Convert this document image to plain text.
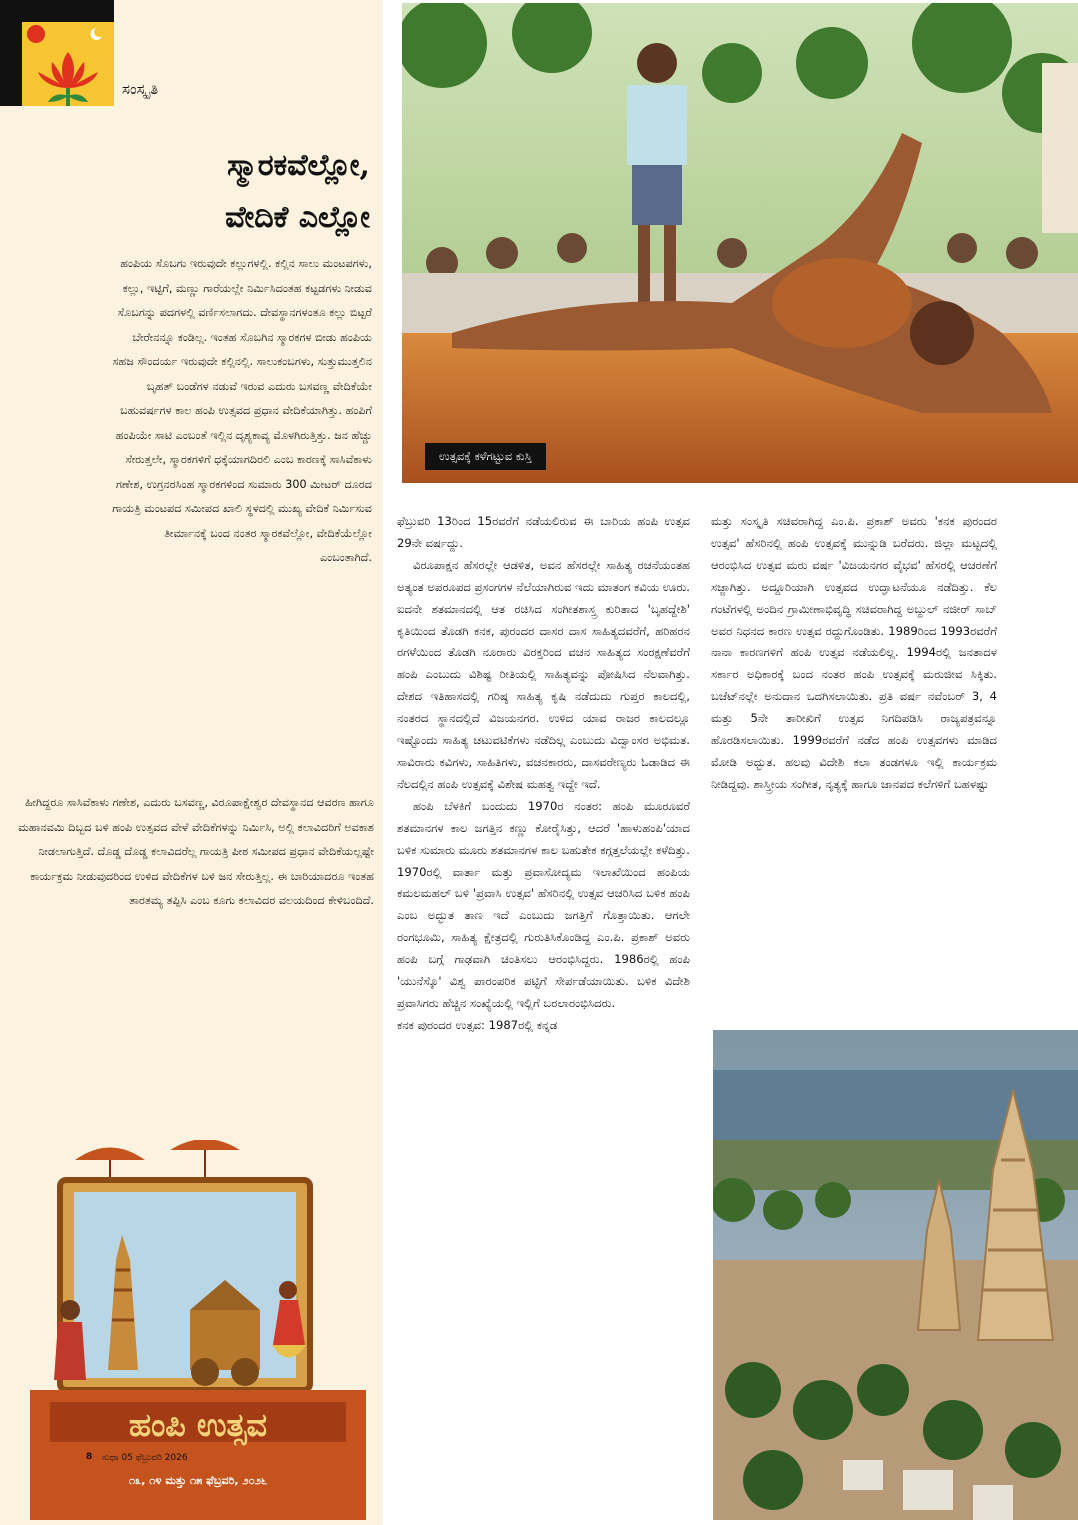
ಸಂಸ್ಕೃತಿ
ಸ್ಮಾರಕವೆಲ್ಲೋ,
ವೇದಿಕೆ ಎಲ್ಲೋ

ಹಂಪಿಯ ಸೊಬಗು ಇರುವುದೇ ಕಲ್ಲುಗಳಲ್ಲಿ. ಕಲ್ಲಿನ ಸಾಲು ಮಂಟಪಗಳು, ಕಲ್ಲು, ಇಟ್ಟಿಗೆ, ಮಣ್ಣು ಗಾರೆಯಲ್ಲೇ ನಿರ್ಮಿಸಿದಂತಹ ಕಟ್ಟಡಗಳು ನೀಡುವ ಸೊಬಗನ್ನು ಪದಗಳಲ್ಲಿ ವರ್ಣಿಸಲಾಗದು. ದೇವಸ್ಥಾನಗಳಂತೂ ಕಲ್ಲು ಬಿಟ್ಟರೆ ಬೇರೇನನ್ನೂ ಕಂಡಿಲ್ಲ. ಇಂತಹ ಸೊಬಗಿನ ಸ್ಮಾರಕಗಳ ಬೀಡು ಹಂಪಿಯ ಸಹಜ ಸೌಂದರ್ಯ ಇರುವುದೇ ಕಲ್ಲಿನಲ್ಲಿ. ಸಾಲುಕಂಬಗಳು, ಸುತ್ತುಮುತ್ತಲಿನ ಬೃಹತ್ ಬಂಡೆಗಳ ನಡುವೆ ಇರುವ ಎದುರು ಬಸವಣ್ಣ ವೇದಿಕೆಯೇ ಬಹುವರ್ಷಗಳ ಕಾಲ ಹಂಪಿ ಉತ್ಸವದ ಪ್ರಧಾನ ವೇದಿಕೆಯಾಗಿತ್ತು. ಹಂಪಿಗೆ ಹಂಪಿಯೇ ಸಾಟಿ ಎಂಬಂತೆ ಇಲ್ಲಿನ ದೃಶ್ಯಕಾವ್ಯ ಮೊಳಗಿರುತ್ತಿತ್ತು. ಜನ ಹೆಚ್ಚು ಸೇರುತ್ತಲೇ, ಸ್ಮಾರಕಗಳಿಗೆ ಧಕ್ಕೆಯಾಗದಿರಲಿ ಎಂಬ ಕಾರಣಕ್ಕೆ ಸಾಸಿವೆಕಾಳು ಗಣೇಶ, ಉಗ್ರನರಸಿಂಹ ಸ್ಮಾರಕಗಳಿಂದ ಸುಮಾರು 300 ಮೀಟರ್ ದೂರದ ಗಾಯತ್ರಿ ಮಂಟಪದ ಸಮೀಪದ ಖಾಲಿ ಸ್ಥಳದಲ್ಲಿ ಮುಖ್ಯ ವೇದಿಕೆ ನಿರ್ಮಿಸುವ ತೀರ್ಮಾನಕ್ಕೆ ಬಂದ ನಂತರ ಸ್ಮಾರಕವೆಲ್ಲೋ, ವೇದಿಕೆಯೆಲ್ಲೋ ಎಂಬಂತಾಗಿದೆ.

ಹೀಗಿದ್ದರೂ ಸಾಸಿವೆಕಾಳು ಗಣೇಶ, ಎದುರು ಬಸವಣ್ಣ, ವಿರೂಪಾಕ್ಷೇಶ್ವರ ದೇವಸ್ಥಾನದ ಆವರಣ ಹಾಗೂ ಮಹಾನವಮಿ ದಿಬ್ಬದ ಬಳಿ ಹಂಪಿ ಉತ್ಸವದ ವೇಳೆ ವೇದಿಕೆಗಳನ್ನು ನಿರ್ಮಿಸಿ, ಅಲ್ಲಿ ಕಲಾವಿದರಿಗೆ ಅವಕಾಶ ನೀಡಲಾಗುತ್ತಿದೆ. ದೊಡ್ಡ ದೊಡ್ಡ ಕಲಾವಿದರೆಲ್ಲ ಗಾಯತ್ರಿ ಪೀಠ ಸಮೀಪದ ಪ್ರಧಾನ ವೇದಿಕೆಯಲ್ಲಷ್ಟೇ ಕಾರ್ಯಕ್ರಮ ನೀಡುವುದರಿಂದ ಉಳಿದ ವೇದಿಕೆಗಳ ಬಳಿ ಜನ ಸೇರುತ್ತಿಲ್ಲ. ಈ ಬಾರಿಯಾದರೂ ಇಂತಹ ತಾರತಮ್ಯ ತಪ್ಪಿಸಿ ಎಂಬ ಕೂಗು ಕಲಾವಿದರ ವಲಯದಿಂದ ಕೇಳಿಬಂದಿದೆ.

ಹಂಪಿ ಉತ್ಸವ
8 ಸುಧಾ 05 ಫೆಬ್ರುವರಿ 2026
೧೩, ೧೪ ಮತ್ತು ೧೫ ಫೆಬ್ರವರಿ, ೨೦೨೬
ಉತ್ಸವಕ್ಕೆ ಕಳೆಗಟ್ಟುವ ಕುಸ್ತಿ

ಫೆಬ್ರುವರಿ 13ರಿಂದ 15ರವರೆಗೆ ನಡೆಯಲಿರುವ ಈ ಬಾರಿಯ ಹಂಪಿ ಉತ್ಸವ 29ನೇ ವರ್ಷದ್ದು.

ವಿರೂಪಾಕ್ಷನ ಹೆಸರಲ್ಲೇ ಆಡಳಿತ, ಅವನ ಹೆಸರಲ್ಲೇ ಸಾಹಿತ್ಯ ರಚನೆಯಂತಹ ಅತ್ಯಂತ ಅಪರೂಪದ ಪ್ರಸಂಗಗಳ ನೆಲೆಯಾಗಿರುವ ಇದು ಮಾತಂಗ ಕವಿಯ ಊರು. ಐದನೇ ಶತಮಾನದಲ್ಲಿ ಆತ ರಚಿಸಿದ ಸಂಗೀತಶಾಸ್ತ್ರ ಕುರಿತಾದ 'ಬೃಹದ್ದೇಶಿ' ಕೃತಿಯಿಂದ ತೊಡಗಿ ಕನಕ, ಪುರಂದರ ದಾಸರ ದಾಸ ಸಾಹಿತ್ಯದವರೆಗೆ, ಹರಿಹರನ ರಗಳೆಯಿಂದ ತೊಡಗಿ ನೂರಾರು ವಿರಕ್ತರಿಂದ ವಚನ ಸಾಹಿತ್ಯದ ಸಂರಕ್ಷಣೆವರೆಗೆ ಹಂಪಿ ಎಂಬುದು ವಿಶಿಷ್ಟ ರೀತಿಯಲ್ಲಿ ಸಾಹಿತ್ಯವನ್ನು ಪೋಷಿಸಿದ ನೆಲವಾಗಿತ್ತು. ದೇಶದ ಇತಿಹಾಸದಲ್ಲಿ ಗರಿಷ್ಠ ಸಾಹಿತ್ಯ ಕೃಷಿ ನಡೆದುದು ಗುಪ್ತರ ಕಾಲದಲ್ಲಿ, ನಂತರದ ಸ್ಥಾನದಲ್ಲಿದೆ ವಿಜಯನಗರ. ಉಳಿದ ಯಾವ ರಾಜರ ಕಾಲದಲ್ಲೂ ಇಷ್ಟೊಂದು ಸಾಹಿತ್ಯ ಚಟುವಟಿಕೆಗಳು ನಡೆದಿಲ್ಲ ಎಂಬುದು ವಿದ್ವಾಂಸರ ಅಭಿಮತ. ಸಾವಿರಾರು ಕವಿಗಳು, ಸಾಹಿತಿಗಳು, ವಚನಕಾರರು, ದಾಸವರೇಣ್ಯರು ಓಡಾಡಿದ ಈ ನೆಲದಲ್ಲಿನ ಹಂಪಿ ಉತ್ಸವಕ್ಕೆ ವಿಶೇಷ ಮಹತ್ವ ಇದ್ದೇ ಇದೆ.

ಹಂಪಿ ಬೆಳಕಿಗೆ ಬಂದುದು 1970ರ ನಂತರ: ಹಂಪಿ ಮೂರೂವರೆ ಶತಮಾನಗಳ ಕಾಲ ಜಗತ್ತಿನ ಕಣ್ಣು ಕೋರೈಸಿತ್ತು, ಆದರೆ 'ಹಾಳುಹಂಪಿ'ಯಾದ ಬಳಿಕ ಸುಮಾರು ಮೂರು ಶತಮಾನಗಳ ಕಾಲ ಬಹುತೇಕ ಕಗ್ಗತ್ತಲೆಯಲ್ಲೇ ಕಳೆದಿತ್ತು. 1970ರಲ್ಲಿ ವಾರ್ತಾ ಮತ್ತು ಪ್ರವಾಸೋದ್ಯಮ ಇಲಾಖೆಯಿಂದ ಹಂಪಿಯ ಕಮಲಮಹಲ್ ಬಳಿ 'ಪ್ರವಾಸಿ ಉತ್ಸವ' ಹೆಸರಿನಲ್ಲಿ ಉತ್ಸವ ಆಚರಿಸಿದ ಬಳಿಕ ಹಂಪಿ ಎಂಬ ಅದ್ಭುತ ತಾಣ ಇದೆ ಎಂಬುದು ಜಗತ್ತಿಗೆ ಗೊತ್ತಾಯಿತು. ಆಗಲೇ ರಂಗಭೂಮಿ, ಸಾಹಿತ್ಯ ಕ್ಷೇತ್ರದಲ್ಲಿ ಗುರುತಿಸಿಕೊಂಡಿದ್ದ ಎಂ.ಪಿ. ಪ್ರಕಾಶ್ ಅವರು ಹಂಪಿ ಬಗ್ಗೆ ಗಾಢವಾಗಿ ಚಿಂತಿಸಲು ಆರಂಭಿಸಿದ್ದರು. 1986ರಲ್ಲಿ ಹಂಪಿ 'ಯುನೆಸ್ಕೊ' ವಿಶ್ವ ಪಾರಂಪರಿಕ ಪಟ್ಟಿಗೆ ಸೇರ್ಪಡೆಯಾಯಿತು. ಬಳಿಕ ವಿದೇಶಿ ಪ್ರವಾಸಿಗರು ಹೆಚ್ಚಿನ ಸಂಖ್ಯೆಯಲ್ಲಿ ಇಲ್ಲಿಗೆ ಬರಲಾರಂಭಿಸಿದರು.

ಕನಕ ಪುರಂದರ ಉತ್ಸವ: 1987ರಲ್ಲಿ ಕನ್ನಡ

ಮತ್ತು ಸಂಸ್ಕೃತಿ ಸಚಿವರಾಗಿದ್ದ ಎಂ.ಪಿ. ಪ್ರಕಾಶ್ ಅವರು 'ಕನಕ ಪುರಂದರ ಉತ್ಸವ' ಹೆಸರಿನಲ್ಲಿ ಹಂಪಿ ಉತ್ಸವಕ್ಕೆ ಮುನ್ನುಡಿ ಬರೆದರು. ಜಿಲ್ಲಾ ಮಟ್ಟದಲ್ಲಿ ಆರಂಭಿಸಿದ ಉತ್ಸವ ಮರು ವರ್ಷ 'ವಿಜಯನಗರ ವೈಭವ' ಹೆಸರಲ್ಲಿ ಆಚರಣೆಗೆ ಸಜ್ಜಾಗಿತ್ತು. ಅದ್ದೂರಿಯಾಗಿ ಉತ್ಸವದ ಉದ್ಘಾಟನೆಯೂ ನಡೆದಿತ್ತು. ಕೆಲ ಗಂಟೆಗಳಲ್ಲಿ ಅಂದಿನ ಗ್ರಾಮೀಣಾಭಿವೃದ್ಧಿ ಸಚಿವರಾಗಿದ್ದ ಅಬ್ದುಲ್ ನಜೀರ್ ಸಾಬ್ ಅವರ ನಿಧನದ ಕಾರಣ ಉತ್ಸವ ರದ್ದುಗೊಂಡಿತು. 1989ರಿಂದ 1993ರವರೆಗೆ ನಾನಾ ಕಾರಣಗಳಿಗೆ ಹಂಪಿ ಉತ್ಸವ ನಡೆಯಲಿಲ್ಲ. 1994ರಲ್ಲಿ ಜನತಾದಳ ಸರ್ಕಾರ ಅಧಿಕಾರಕ್ಕೆ ಬಂದ ನಂತರ ಹಂಪಿ ಉತ್ಸವಕ್ಕೆ ಮರುಜೀವ ಸಿಕ್ಕಿತು. ಬಜೆಟ್‌ನಲ್ಲೇ ಅನುದಾನ ಒದಗಿಸಲಾಯಿತು. ಪ್ರತಿ ವರ್ಷ ನವೆಂಬರ್ 3, 4 ಮತ್ತು 5ನೇ ತಾರೀಖಿಗೆ ಉತ್ಸವ ನಿಗದಿಪಡಿಸಿ ರಾಜ್ಯಪತ್ರವನ್ನೂ ಹೊರಡಿಸಲಾಯಿತು. 1999ರವರೆಗೆ ನಡೆದ ಹಂಪಿ ಉತ್ಸವಗಳು ಮಾಡಿದ ಮೋಡಿ ಅದ್ಭುತ. ಹಲವು ವಿದೇಶಿ ಕಲಾ ತಂಡಗಳೂ ಇಲ್ಲಿ ಕಾರ್ಯಕ್ರಮ ನೀಡಿದ್ದವು. ಶಾಸ್ತ್ರೀಯ ಸಂಗೀತ, ನೃತ್ಯಕ್ಕೆ ಹಾಗೂ ಜಾನಪದ ಕಲೆಗಳಿಗೆ ಬಹಳಷ್ಟು
